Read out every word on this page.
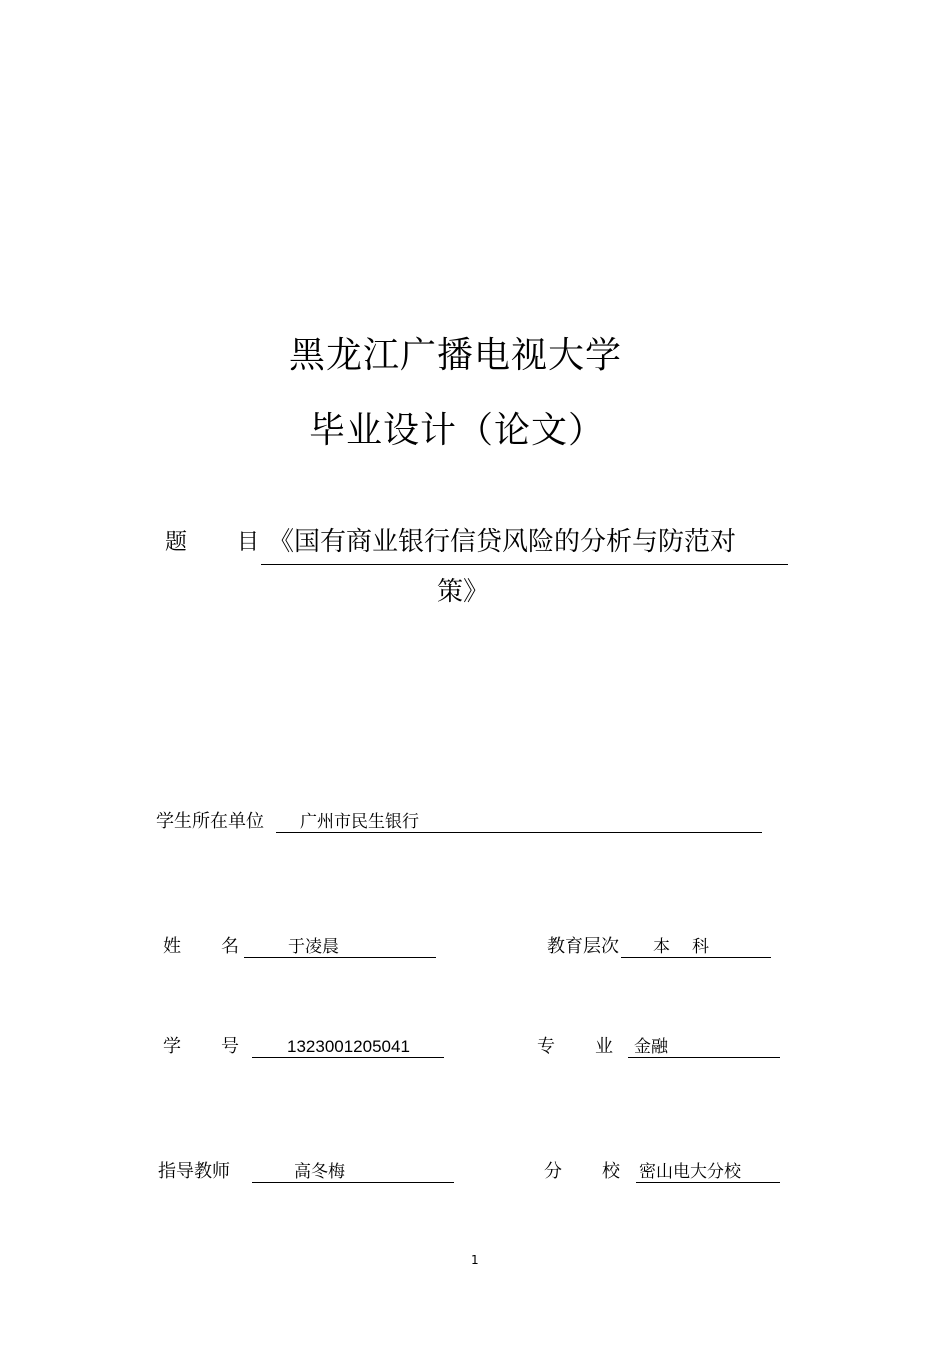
黑龙江广播电视大学
毕业设计（论文）
题 目 《国有商业银行信贷风险的分析与防范对
策》
学生所在单位 广州市民生银行
姓 名	于凌晨	教育层次 本 科
学 号	1323001205041	专 业 金融
指导教师	高冬梅	分 校 密山电大分校
1
